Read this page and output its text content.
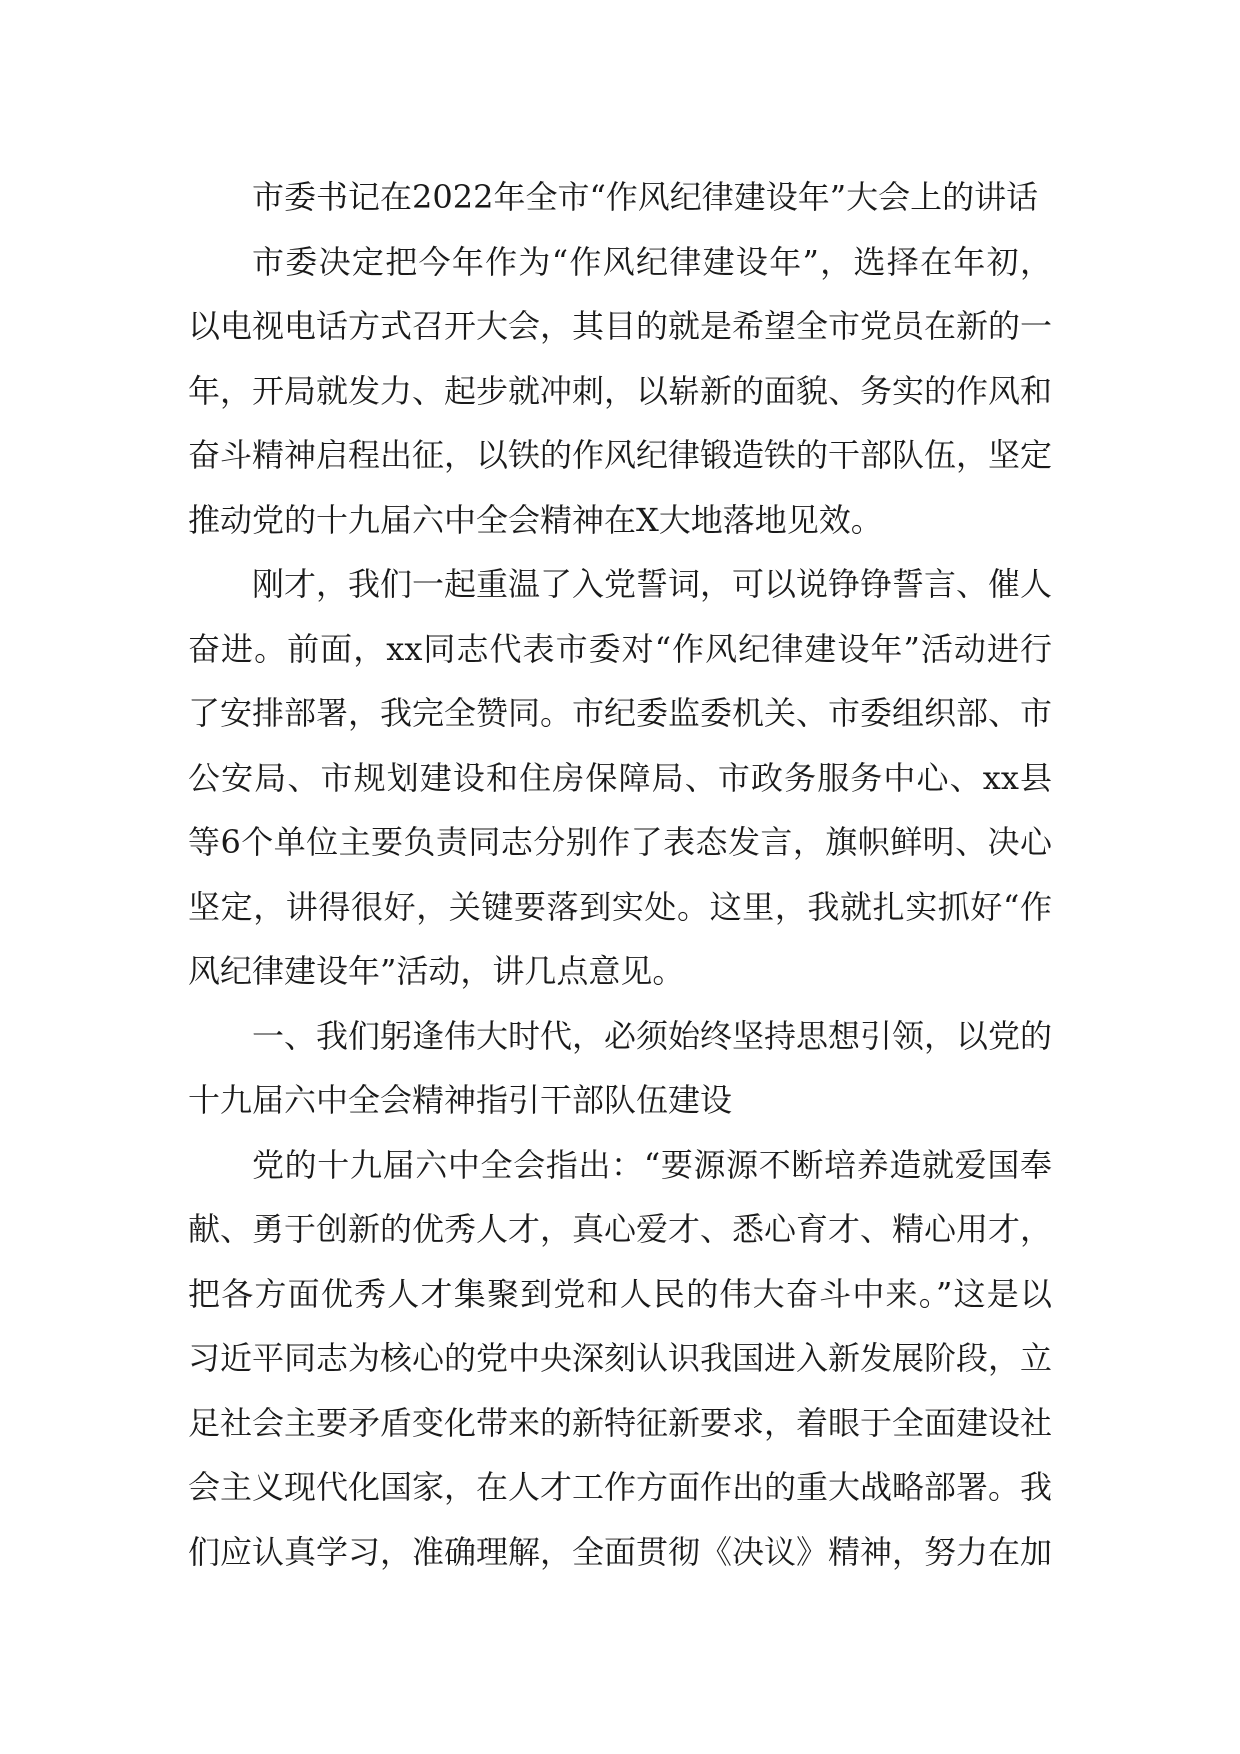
市委书记在2022年全市“作风纪律建设年”大会上的讲话

市委决定把今年作为“作风纪律建设年”，选择在年初，以电视电话方式召开大会，其目的就是希望全市党员在新的一年，开局就发力、起步就冲刺，以崭新的面貌、务实的作风和奋斗精神启程出征，以铁的作风纪律锻造铁的干部队伍，坚定推动党的十九届六中全会精神在X大地落地见效。

刚才，我们一起重温了入党誓词，可以说铮铮誓言、催人奋进。前面，xx同志代表市委对“作风纪律建设年”活动进行了安排部署，我完全赞同。市纪委监委机关、市委组织部、市公安局、市规划建设和住房保障局、市政务服务中心、xx县等6个单位主要负责同志分别作了表态发言，旗帜鲜明、决心坚定，讲得很好，关键要落到实处。这里，我就扎实抓好“作风纪律建设年”活动，讲几点意见。

一、我们躬逢伟大时代，必须始终坚持思想引领，以党的十九届六中全会精神指引干部队伍建设

党的十九届六中全会指出：“要源源不断培养造就爱国奉献、勇于创新的优秀人才，真心爱才、悉心育才、精心用才，把各方面优秀人才集聚到党和人民的伟大奋斗中来。”这是以习近平同志为核心的党中央深刻认识我国进入新发展阶段，立足社会主要矛盾变化带来的新特征新要求，着眼于全面建设社会主义现代化国家，在人才工作方面作出的重大战略部署。我们应认真学习，准确理解，全面贯彻《决议》精神，努力在加
